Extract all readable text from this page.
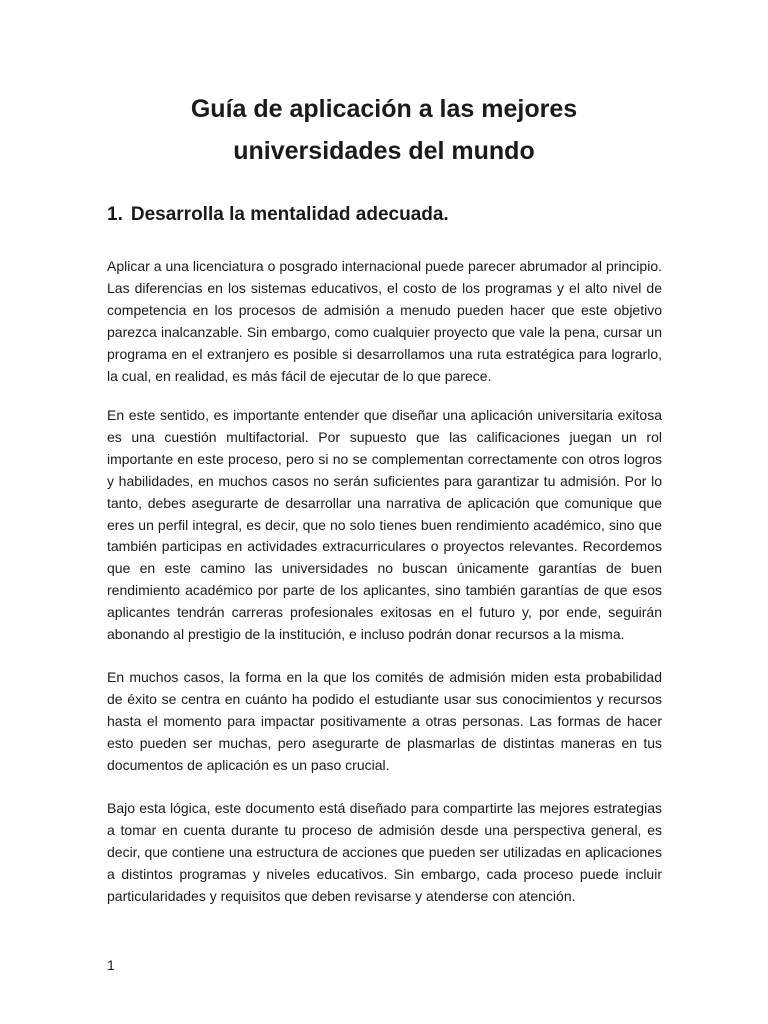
Guía de aplicación a las mejores
universidades del mundo
1. Desarrolla la mentalidad adecuada.

Aplicar a una licenciatura o posgrado internacional puede parecer abrumador al principio. Las diferencias en los sistemas educativos, el costo de los programas y el alto nivel de competencia en los procesos de admisión a menudo pueden hacer que este objetivo parezca inalcanzable. Sin embargo, como cualquier proyecto que vale la pena, cursar un programa en el extranjero es posible si desarrollamos una ruta estratégica para lograrlo, la cual, en realidad, es más fácil de ejecutar de lo que parece.

En este sentido, es importante entender que diseñar una aplicación universitaria exitosa es una cuestión multifactorial. Por supuesto que las calificaciones juegan un rol importante en este proceso, pero si no se complementan correctamente con otros logros y habilidades, en muchos casos no serán suficientes para garantizar tu admisión. Por lo tanto, debes asegurarte de desarrollar una narrativa de aplicación que comunique que eres un perfil integral, es decir, que no solo tienes buen rendimiento académico, sino que también participas en actividades extracurriculares o proyectos relevantes. Recordemos que en este camino las universidades no buscan únicamente garantías de buen rendimiento académico por parte de los aplicantes, sino también garantías de que esos aplicantes tendrán carreras profesionales exitosas en el futuro y, por ende, seguirán abonando al prestigio de la institución, e incluso podrán donar recursos a la misma.

En muchos casos, la forma en la que los comités de admisión miden esta probabilidad de éxito se centra en cuánto ha podido el estudiante usar sus conocimientos y recursos hasta el momento para impactar positivamente a otras personas. Las formas de hacer esto pueden ser muchas, pero asegurarte de plasmarlas de distintas maneras en tus documentos de aplicación es un paso crucial.

Bajo esta lógica, este documento está diseñado para compartirte las mejores estrategias a tomar en cuenta durante tu proceso de admisión desde una perspectiva general, es decir, que contiene una estructura de acciones que pueden ser utilizadas en aplicaciones a distintos programas y niveles educativos. Sin embargo, cada proceso puede incluir particularidades y requisitos que deben revisarse y atenderse con atención.

1
